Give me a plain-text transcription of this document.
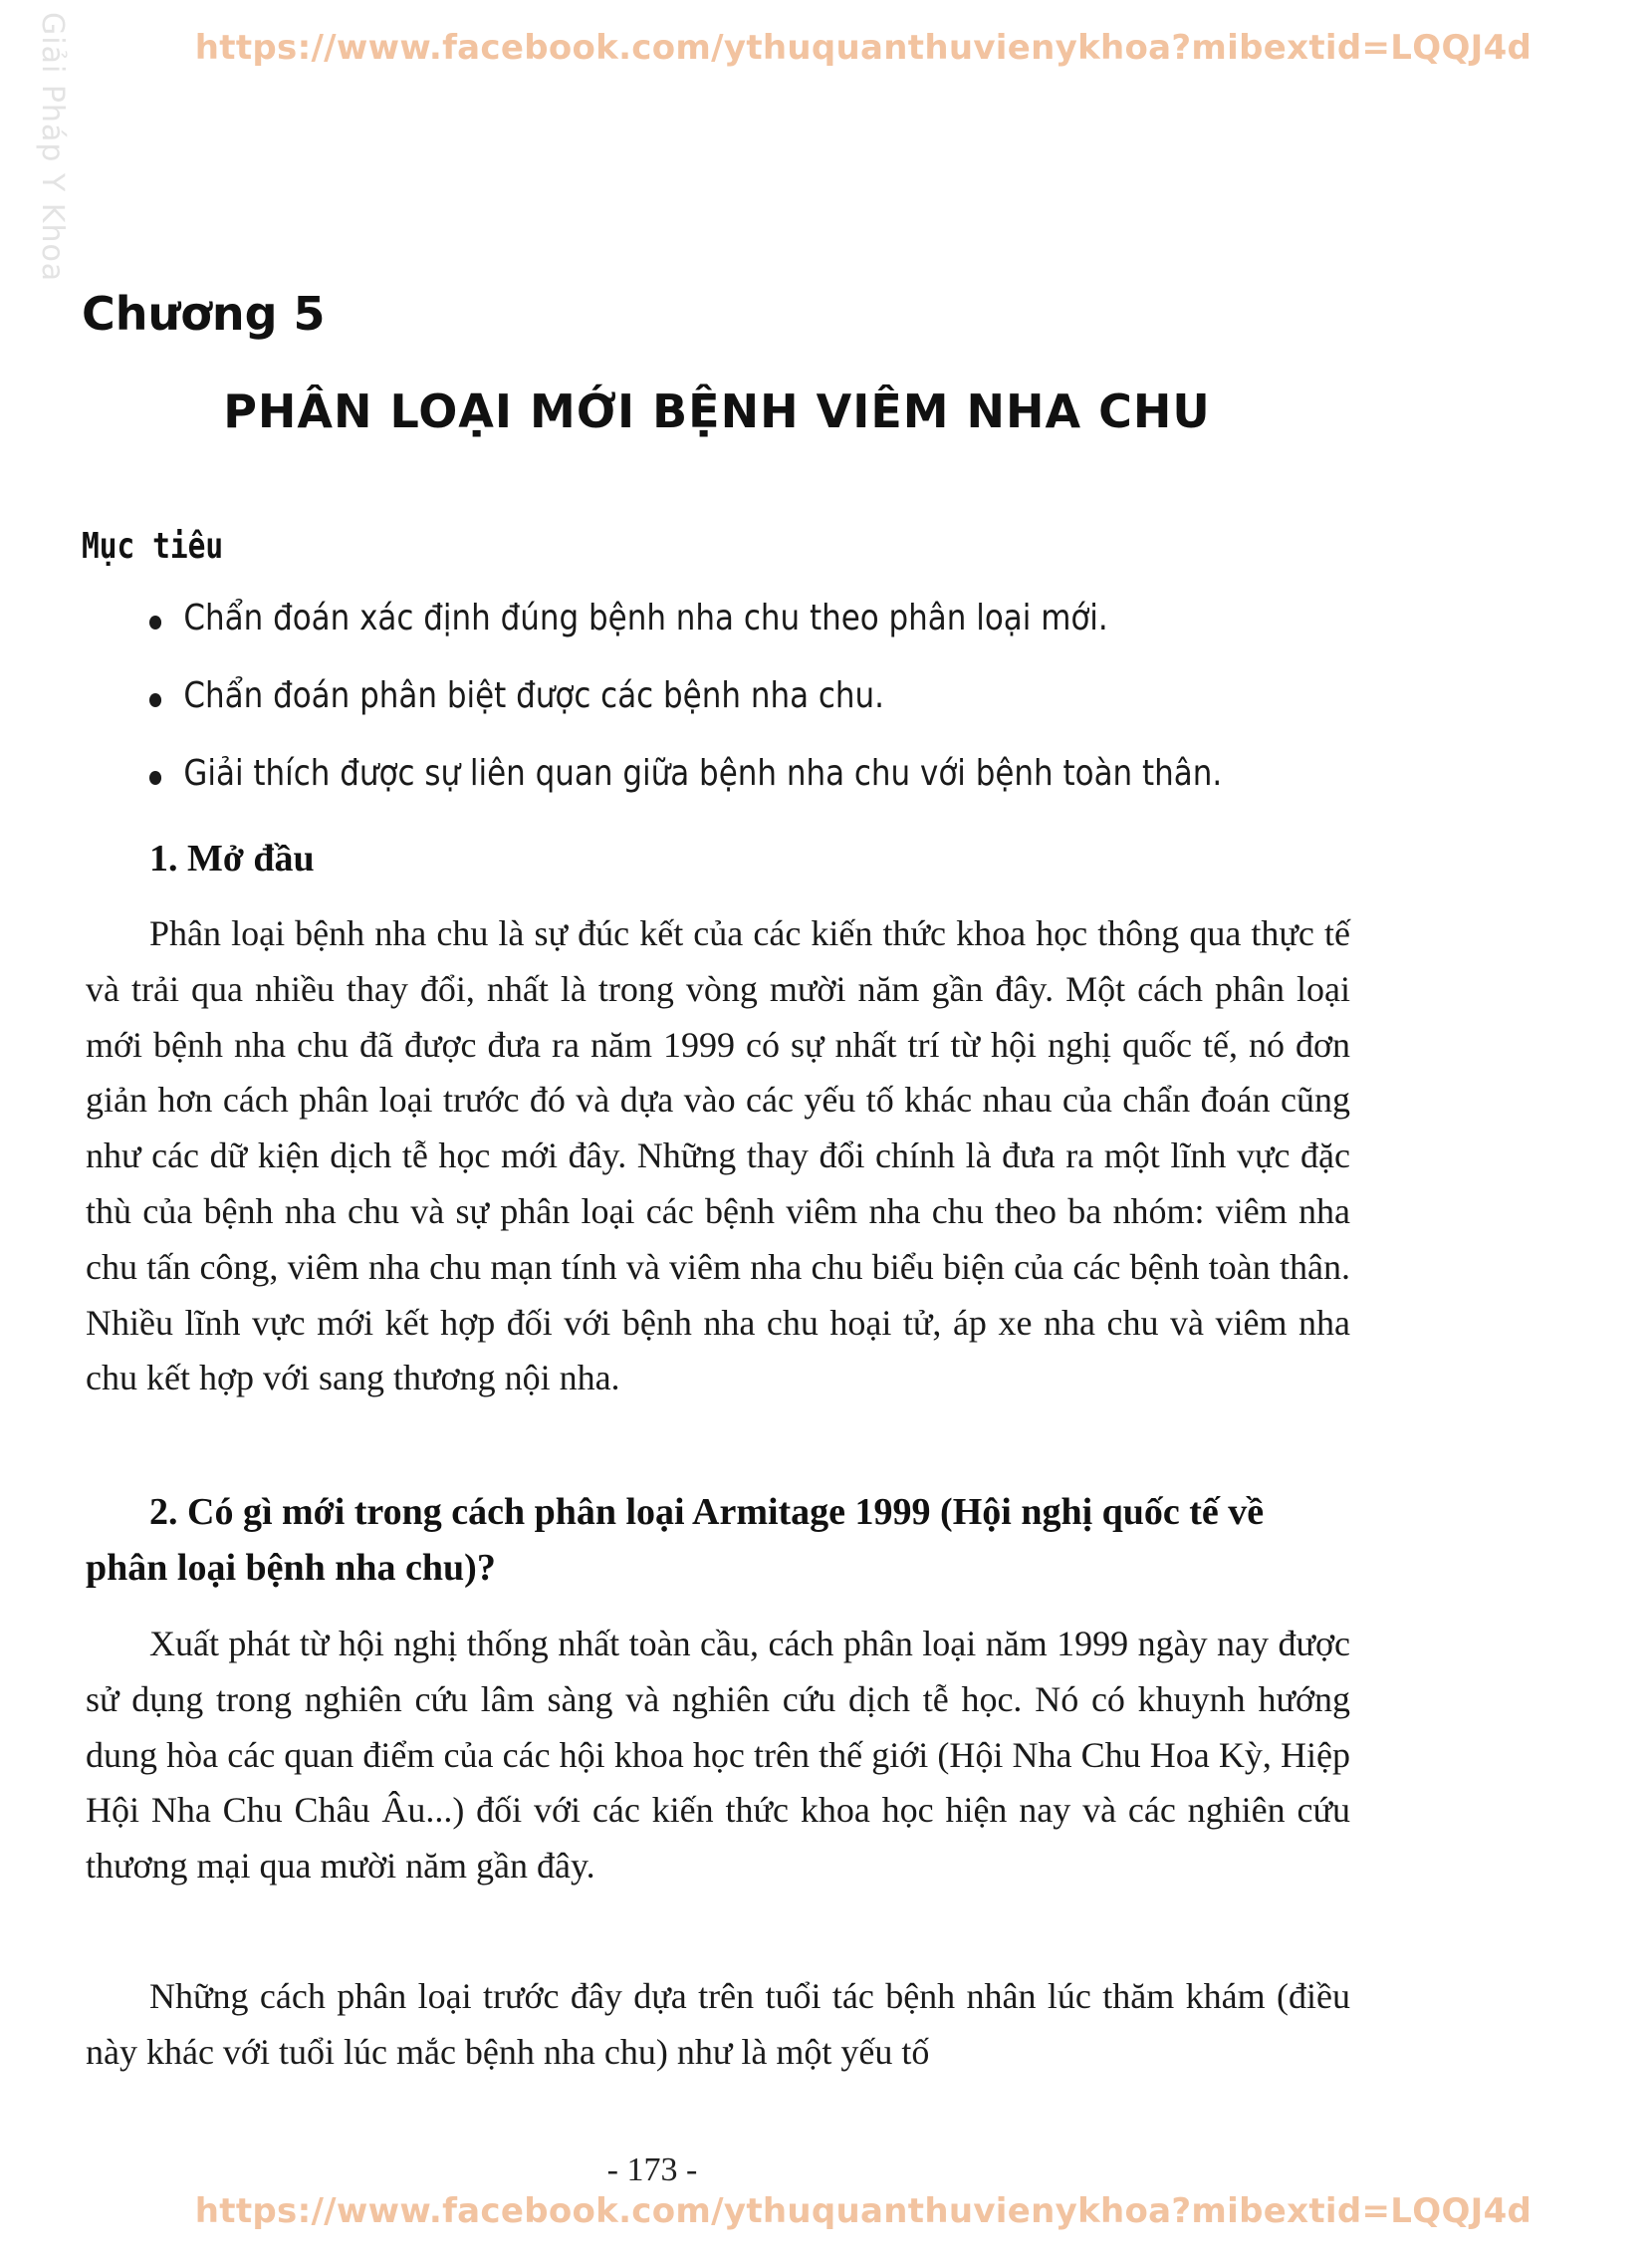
https://www.facebook.com/ythuquanthuvienykhoa?mibextid=LQQJ4d
Giải Pháp Y Khoa
Chương 5
PHÂN LOẠI MỚI BỆNH VIÊM NHA CHU
Mục tiêu
Chẩn đoán xác định đúng bệnh nha chu theo phân loại mới.
Chẩn đoán phân biệt được các bệnh nha chu.
Giải thích được sự liên quan giữa bệnh nha chu với bệnh toàn thân.
1. Mở đầu

Phân loại bệnh nha chu là sự đúc kết của các kiến thức khoa học thông qua thực tế và trải qua nhiều thay đổi, nhất là trong vòng mười năm gần đây. Một cách phân loại mới bệnh nha chu đã được đưa ra năm 1999 có sự nhất trí từ hội nghị quốc tế, nó đơn giản hơn cách phân loại trước đó và dựa vào các yếu tố khác nhau của chẩn đoán cũng như các dữ kiện dịch tễ học mới đây. Những thay đổi chính là đưa ra một lĩnh vực đặc thù của bệnh nha chu và sự phân loại các bệnh viêm nha chu theo ba nhóm: viêm nha chu tấn công, viêm nha chu mạn tính và viêm nha chu biểu biện của các bệnh toàn thân. Nhiều lĩnh vực mới kết hợp đối với bệnh nha chu hoại tử, áp xe nha chu và viêm nha chu kết hợp với sang thương nội nha.

2. Có gì mới trong cách phân loại Armitage 1999 (Hội nghị quốc tế về phân loại bệnh nha chu)?

Xuất phát từ hội nghị thống nhất toàn cầu, cách phân loại năm 1999 ngày nay được sử dụng trong nghiên cứu lâm sàng và nghiên cứu dịch tễ học. Nó có khuynh hướng dung hòa các quan điểm của các hội khoa học trên thế giới (Hội Nha Chu Hoa Kỳ, Hiệp Hội Nha Chu Châu Âu...) đối với các kiến thức khoa học hiện nay và các nghiên cứu thương mại qua mười năm gần đây.

Những cách phân loại trước đây dựa trên tuổi tác bệnh nhân lúc thăm khám (điều này khác với tuổi lúc mắc bệnh nha chu) như là một yếu tố

- 173 -
https://www.facebook.com/ythuquanthuvienykhoa?mibextid=LQQJ4d
